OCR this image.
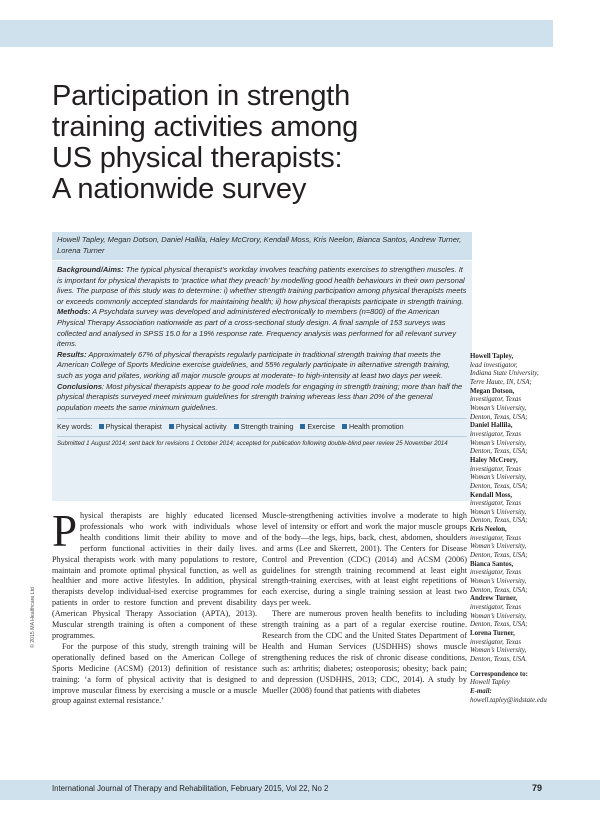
Participation in strength
training activities among
US physical therapists:
A nationwide survey
Howell Tapley, Megan Dotson, Daniel Hallila, Haley McCrory, Kendall Moss, Kris Neelon, Bianca Santos, Andrew Turner, Lorena Turner

Background/Aims: The typical physical therapist’s workday involves teaching patients exercises to strengthen muscles. It is important for physical therapists to ‘practice what they preach’ by modelling good health behaviours in their own personal lives. The purpose of this study was to determine: i) whether strength training participation among physical therapists meets or exceeds commonly accepted standards for maintaining health; ii) how physical therapists participate in strength training.

Methods: A Psychdata survey was developed and administered electronically to members (n=800) of the American Physical Therapy Association nationwide as part of a cross-sectional study design. A final sample of 153 surveys was collected and analysed in SPSS 15.0 for a 19% response rate. Frequency analysis was performed for all relevant survey items.

Results: Approximately 67% of physical therapists regularly participate in traditional strength training that meets the American College of Sports Medicine exercise guidelines, and 55% regularly participate in alternative strength training, such as yoga and pilates, working all major muscle groups at moderate- to high-intensity at least two days per week.

Conclusions: Most physical therapists appear to be good role models for engaging in strength training; more than half the physical therapists surveyed meet minimum guidelines for strength training whereas less than 20% of the general population meets the same minimum guidelines.

Key words: Physical therapist Physical activity Strength training Exercise Health promotion
Submitted 1 August 2014; sent back for revisions 1 October 2014; accepted for publication following double-blind peer review 25 November 2014

Physical therapists are highly educated licensed professionals who work with individuals whose health conditions limit their ability to move and perform functional activities in their daily lives. Physical therapists work with many populations to restore, maintain and promote optimal physical function, as well as healthier and more active lifestyles. In addition, physical therapists develop individual-ised exercise programmes for patients in order to restore function and prevent disability (American Physical Therapy Association (APTA), 2013). Muscular strength training is often a component of these programmes.

For the purpose of this study, strength training will be operationally defined based on the American College of Sports Medicine (ACSM) (2013) definition of resistance training: ‘a form of physical activity that is designed to improve muscular fitness by exercising a muscle or a muscle group against external resistance.’

Muscle-strengthening activities involve a moderate to high level of intensity or effort and work the major muscle groups of the body—the legs, hips, back, chest, abdomen, shoulders and arms (Lee and Skerrett, 2001). The Centers for Disease Control and Prevention (CDC) (2014) and ACSM (2006) guidelines for strength training recommend at least eight strength-training exercises, with at least eight repetitions of each exercise, during a single training session at least two days per week.

There are numerous proven health benefits to including strength training as a part of a regular exercise routine. Research from the CDC and the United States Department of Health and Human Services (USDHHS) shows muscle strengthening reduces the risk of chronic disease conditions, such as: arthritis; diabetes; osteoporosis; obesity; back pain; and depression (USDHHS, 2013; CDC, 2014). A study by Mueller (2008) found that patients with diabetes

Howell Tapley,
lead investigator,
Indiana State University,
Terre Haute, IN, USA;
Megan Dotson,
investigator, Texas
Woman’s University,
Denton, Texas, USA;
Daniel Hallila,
investigator, Texas
Woman’s University,
Denton, Texas, USA;
Haley McCrory,
investigator, Texas
Woman’s University,
Denton, Texas, USA;
Kendall Moss,
investigator, Texas
Woman’s University,
Denton, Texas, USA;
Kris Neelon,
investigator, Texas
Woman’s University,
Denton, Texas, USA;
Bianca Santos,
investigator, Texas
Woman’s University,
Denton, Texas, USA;
Andrew Turner,
investigator, Texas
Woman’s University,
Denton, Texas, USA;
Lorena Turner,
investigator, Texas
Woman’s University,
Denton, Texas, USA.
Correspondence to:
Howell Tapley
E-mail:
howell.tapley@indstate.edu
© 2015 MA Healthcare Ltd
International Journal of Therapy and Rehabilitation, February 2015, Vol 22, No 2	79
